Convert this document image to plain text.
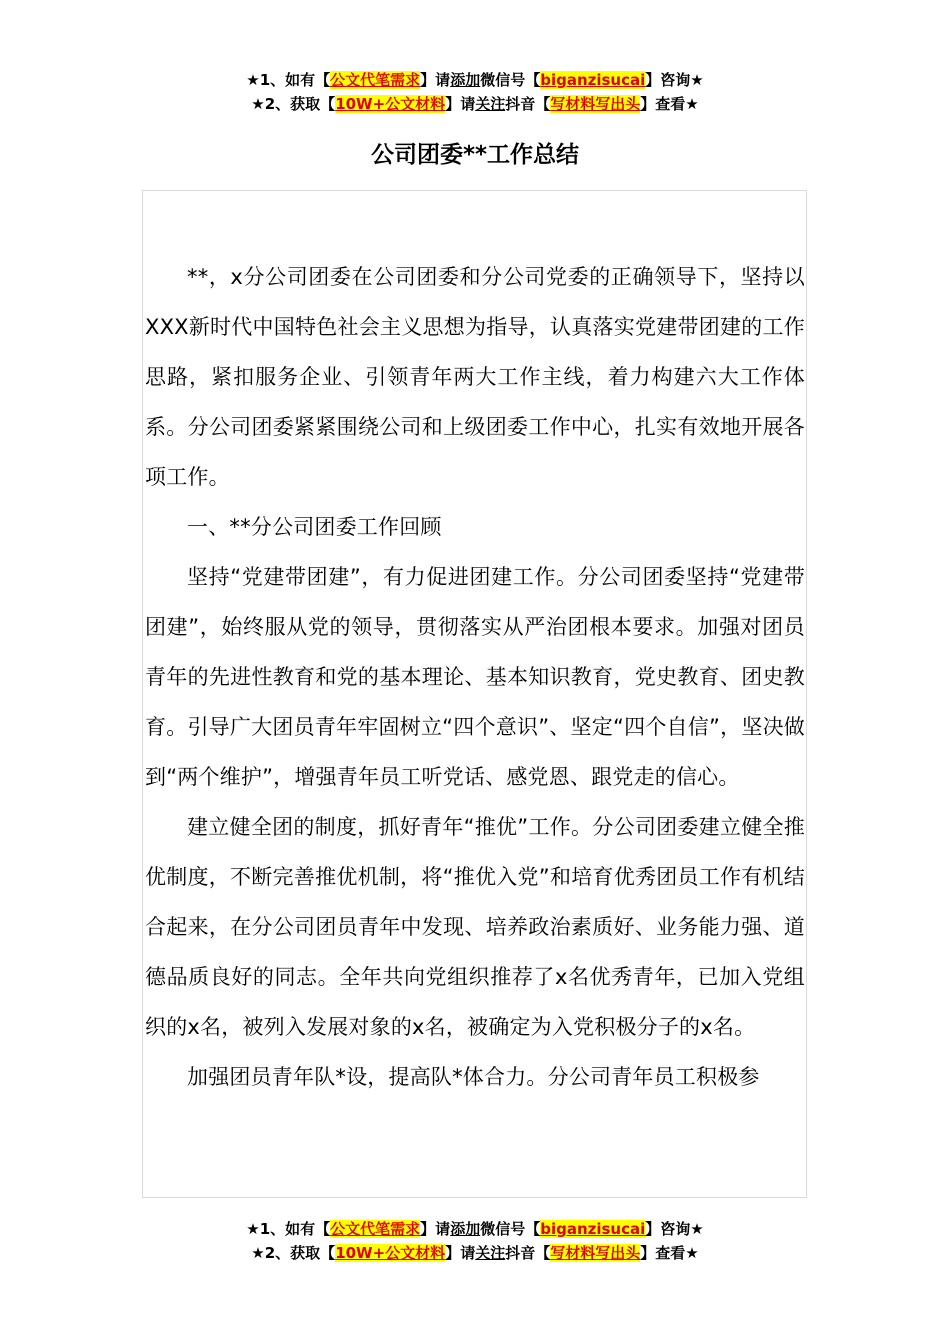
★1、如有【公文代笔需求】请添加微信号【biganzisucai】咨询★
★2、获取【10W+公文材料】请关注抖音【写材料写出头】查看★
公司团委**工作总结

**，x分公司团委在公司团委和分公司党委的正确领导下，坚持以XXX新时代中国特色社会主义思想为指导，认真落实党建带团建的工作思路，紧扣服务企业、引领青年两大工作主线，着力构建六大工作体系。分公司团委紧紧围绕公司和上级团委工作中心，扎实有效地开展各项工作。

一、**分公司团委工作回顾

坚持“党建带团建”，有力促进团建工作。分公司团委坚持“党建带团建”，始终服从党的领导，贯彻落实从严治团根本要求。加强对团员青年的先进性教育和党的基本理论、基本知识教育，党史教育、团史教育。引导广大团员青年牢固树立“四个意识”、坚定“四个自信”，坚决做到“两个维护”，增强青年员工听党话、感党恩、跟党走的信心。

建立健全团的制度，抓好青年“推优”工作。分公司团委建立健全推优制度，不断完善推优机制，将“推优入党”和培育优秀团员工作有机结合起来，在分公司团员青年中发现、培养政治素质好、业务能力强、道德品质良好的同志。全年共向党组织推荐了x名优秀青年，已加入党组织的x名，被列入发展对象的x名，被确定为入党积极分子的x名。

加强团员青年队*设，提高队*体合力。分公司青年员工积极参

★1、如有【公文代笔需求】请添加微信号【biganzisucai】咨询★
★2、获取【10W+公文材料】请关注抖音【写材料写出头】查看★
